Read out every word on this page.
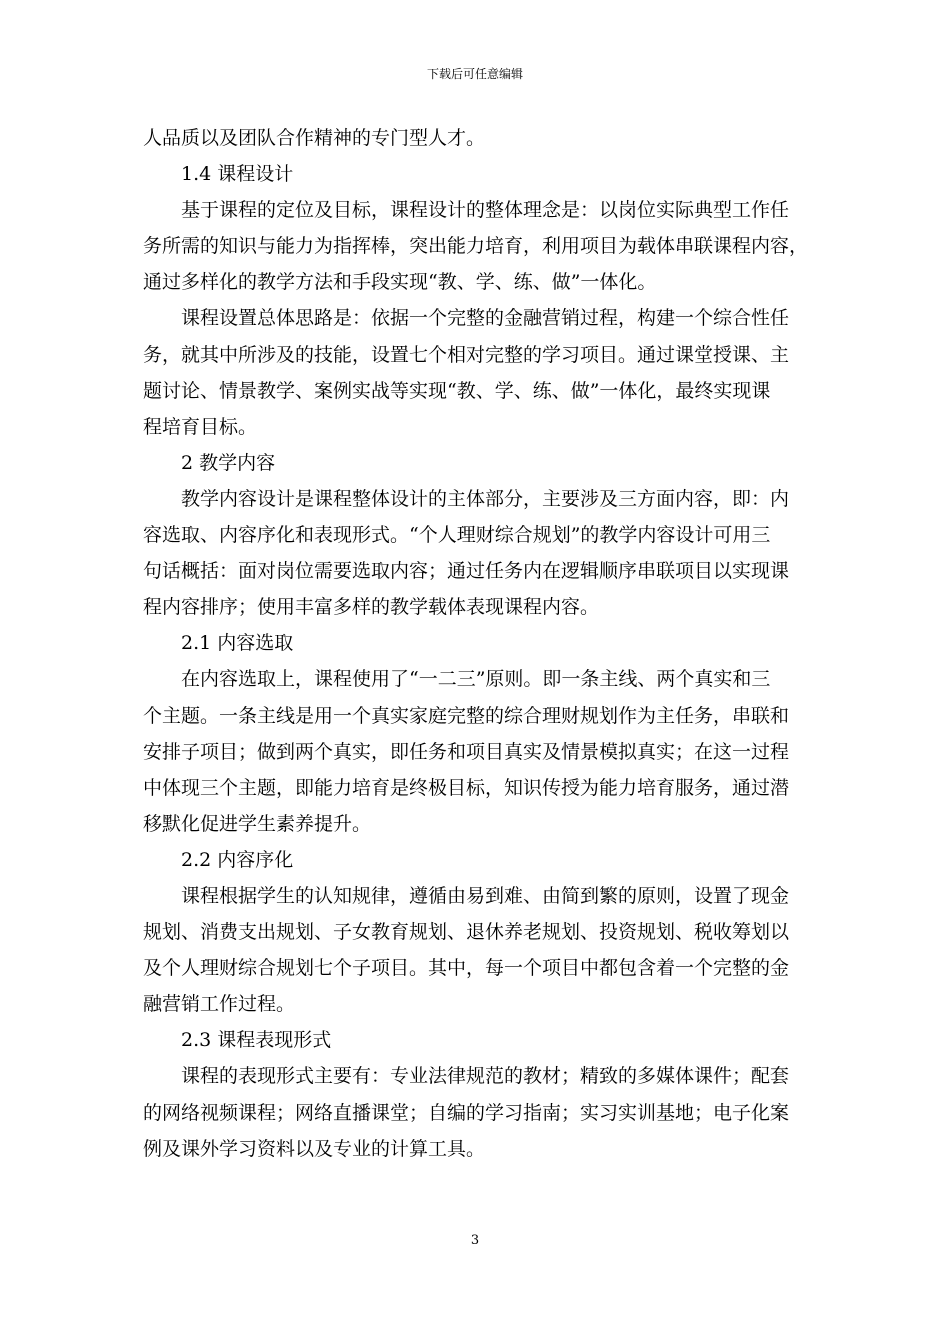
下载后可任意编辑
人品质以及团队合作精神的专门型人才。
1.4 课程设计
基于课程的定位及目标，课程设计的整体理念是：以岗位实际典型工作任
务所需的知识与能力为指挥棒，突出能力培育，利用项目为载体串联课程内容，
通过多样化的教学方法和手段实现“教、学、练、做”一体化。
课程设置总体思路是：依据一个完整的金融营销过程，构建一个综合性任
务，就其中所涉及的技能，设置七个相对完整的学习项目。通过课堂授课、主
题讨论、情景教学、案例实战等实现“教、学、练、做”一体化，最终实现课
程培育目标。
2 教学内容
教学内容设计是课程整体设计的主体部分，主要涉及三方面内容，即：内
容选取、内容序化和表现形式。“个人理财综合规划”的教学内容设计可用三
句话概括：面对岗位需要选取内容；通过任务内在逻辑顺序串联项目以实现课
程内容排序；使用丰富多样的教学载体表现课程内容。
2.1 内容选取
在内容选取上，课程使用了“一二三”原则。即一条主线、两个真实和三
个主题。一条主线是用一个真实家庭完整的综合理财规划作为主任务，串联和
安排子项目；做到两个真实，即任务和项目真实及情景模拟真实；在这一过程
中体现三个主题，即能力培育是终极目标，知识传授为能力培育服务，通过潜
移默化促进学生素养提升。
2.2 内容序化
课程根据学生的认知规律，遵循由易到难、由简到繁的原则，设置了现金
规划、消费支出规划、子女教育规划、退休养老规划、投资规划、税收筹划以
及个人理财综合规划七个子项目。其中，每一个项目中都包含着一个完整的金
融营销工作过程。
2.3 课程表现形式
课程的表现形式主要有：专业法律规范的教材；精致的多媒体课件；配套
的网络视频课程；网络直播课堂；自编的学习指南；实习实训基地；电子化案
例及课外学习资料以及专业的计算工具。
3
